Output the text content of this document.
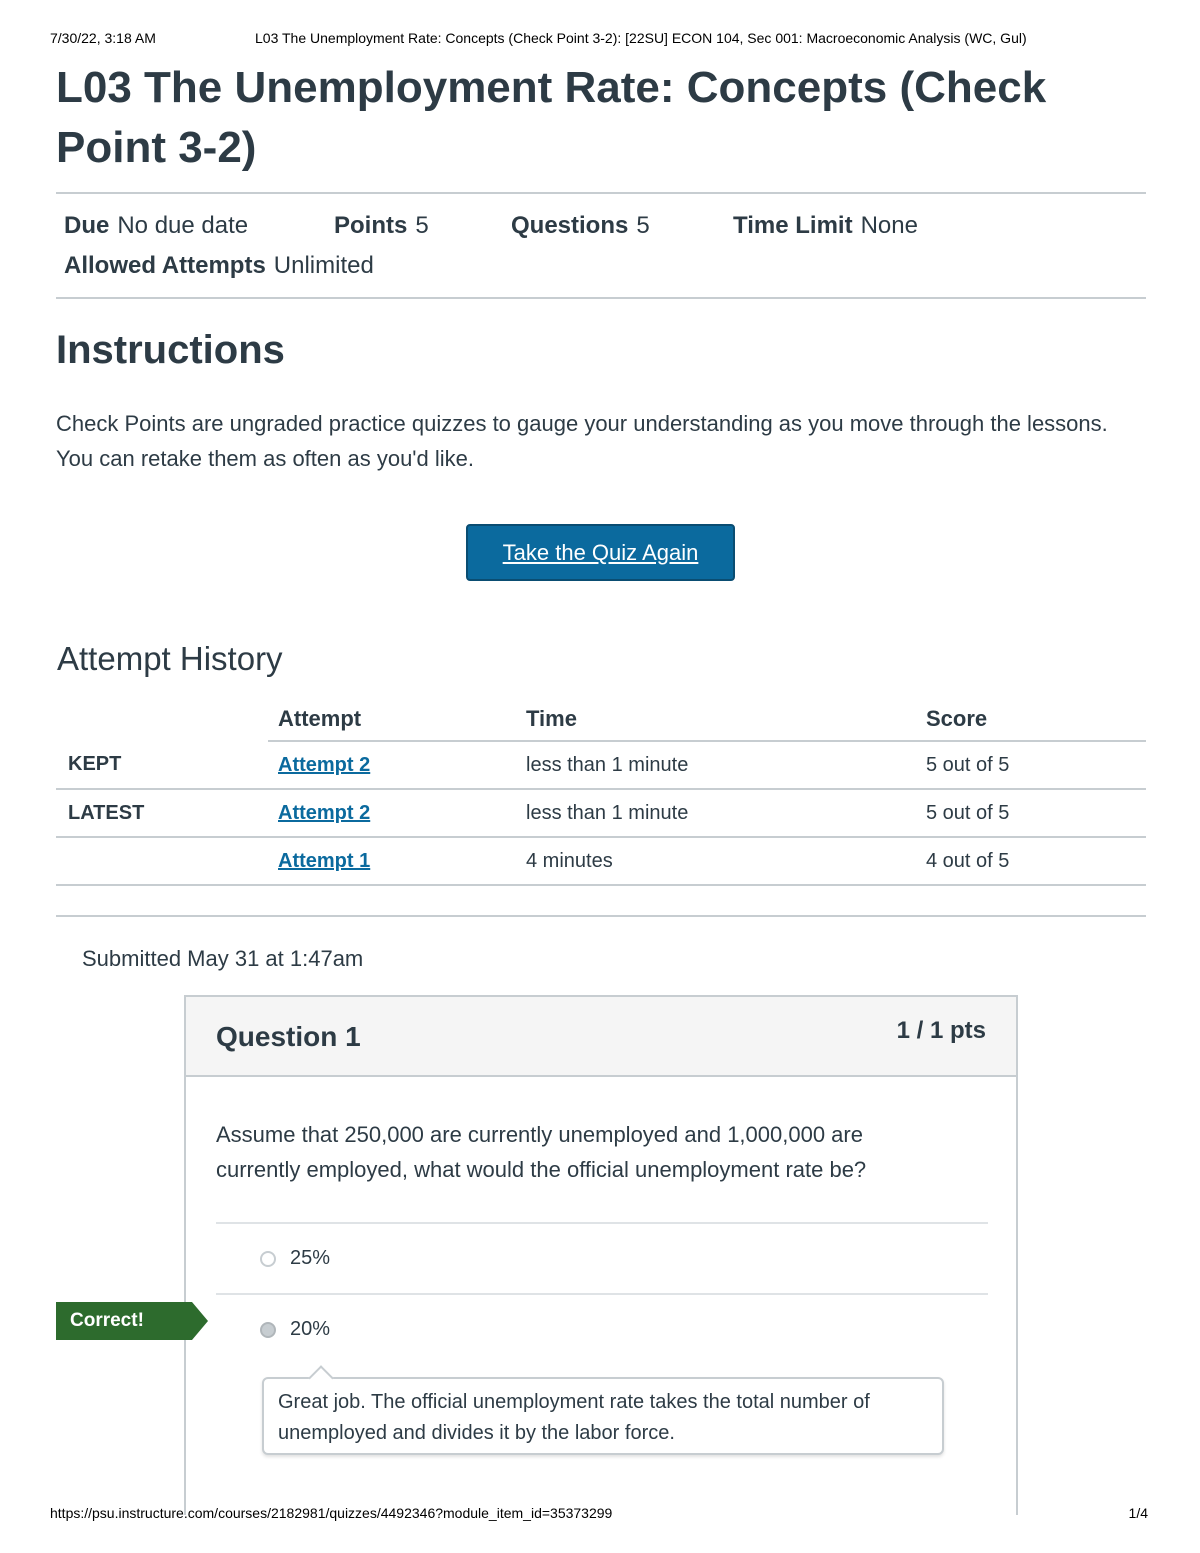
7/30/22, 3:18 AM	L03 The Unemployment Rate: Concepts (Check Point 3-2): [22SU] ECON 104, Sec 001: Macroeconomic Analysis (WC, Gul)
L03 The Unemployment Rate: Concepts (Check Point 3-2)
Due No due date	Points 5	Questions 5	Time Limit None
Allowed Attempts Unlimited
Instructions

Check Points are ungraded practice quizzes to gauge your understanding as you move through the lessons. You can retake them as often as you'd like.

Take the Quiz Again
Attempt History
	Attempt	Time	Score
KEPT	Attempt 2	less than 1 minute	5 out of 5
LATEST	Attempt 2	less than 1 minute	5 out of 5
	Attempt 1	4 minutes	4 out of 5
Submitted May 31 at 1:47am
Question 1	1 / 1 pts

Assume that 250,000 are currently unemployed and 1,000,000 are currently employed, what would the official unemployment rate be?

25%
20%
Great job. The official unemployment rate takes the total number of unemployed and divides it by the labor force.
Correct!
https://psu.instructure.com/courses/2182981/quizzes/4492346?module_item_id=35373299	1/4
